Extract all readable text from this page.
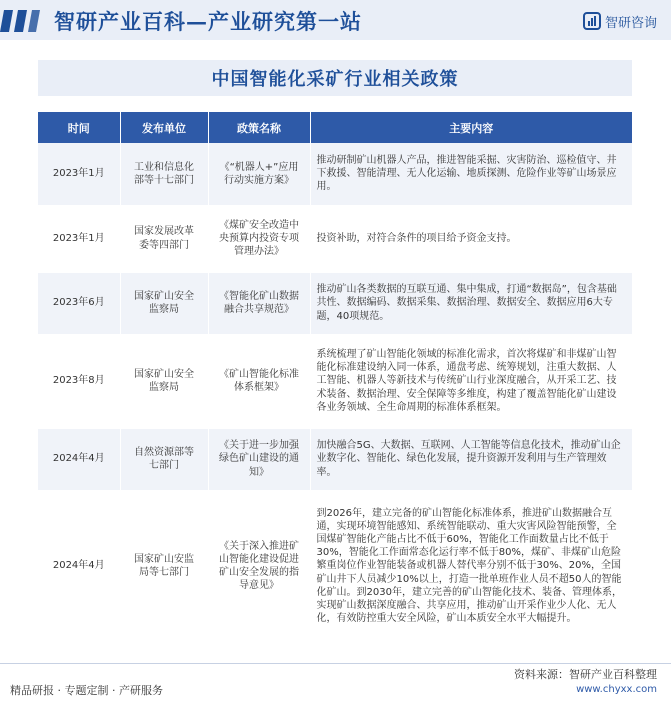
智研产业百科—产业研究第一站	智研咨询
中国智能化采矿行业相关政策
时间	发布单位	政策名称	主要内容
2023年1月	工业和信息化部等十七部门	《“机器人+”应用行动实施方案》	推动研制矿山机器人产品，推进智能采掘、灾害防治、巡检值守、井下救援、智能清理、无人化运输、地质探测、危险作业等矿山场景应用。
2023年1月	国家发展改革委等四部门	《煤矿安全改造中央预算内投资专项管理办法》	投资补助，对符合条件的项目给予资金支持。
2023年6月	国家矿山安全监察局	《智能化矿山数据融合共享规范》	推动矿山各类数据的互联互通、集中集成，打通“数据岛”，包含基础共性、数据编码、数据采集、数据治理、数据安全、数据应用6大专题，40项规范。
2023年8月	国家矿山安全监察局	《矿山智能化标准体系框架》	系统梳理了矿山智能化领域的标准化需求，首次将煤矿和非煤矿山智能化标准建设纳入同一体系，通盘考虑、统筹规划，注重大数据、人工智能、机器人等新技术与传统矿山行业深度融合，从开采工艺、技术装备、数据治理、安全保障等多维度，构建了覆盖智能化矿山建设各业务领域、全生命周期的标准体系框架。
2024年4月	自然资源部等七部门	《关于进一步加强绿色矿山建设的通知》	加快融合5G、大数据、互联网、人工智能等信息化技术，推动矿山企业数字化、智能化、绿色化发展，提升资源开发利用与生产管理效率。
2024年4月	国家矿山安监局等七部门	《关于深入推进矿山智能化建设促进矿山安全发展的指导意见》	到2026年，建立完备的矿山智能化标准体系，推进矿山数据融合互通，实现环境智能感知、系统智能联动、重大灾害风险智能预警，全国煤矿智能化产能占比不低于60%，智能化工作面数量占比不低于30%，智能化工作面常态化运行率不低于80%，煤矿、非煤矿山危险繁重岗位作业智能装备或机器人替代率分别不低于30%、20%，全国矿山井下人员减少10%以上，打造一批单班作业人员不超50人的智能化矿山。到2030年，建立完善的矿山智能化技术、装备、管理体系，实现矿山数据深度融合、共享应用，推动矿山开采作业少人化、无人化，有效防控重大安全风险，矿山本质安全水平大幅提升。
资料来源：智研产业百科整理
www.chyxx.com
精品研报 · 专题定制 · 产研服务
